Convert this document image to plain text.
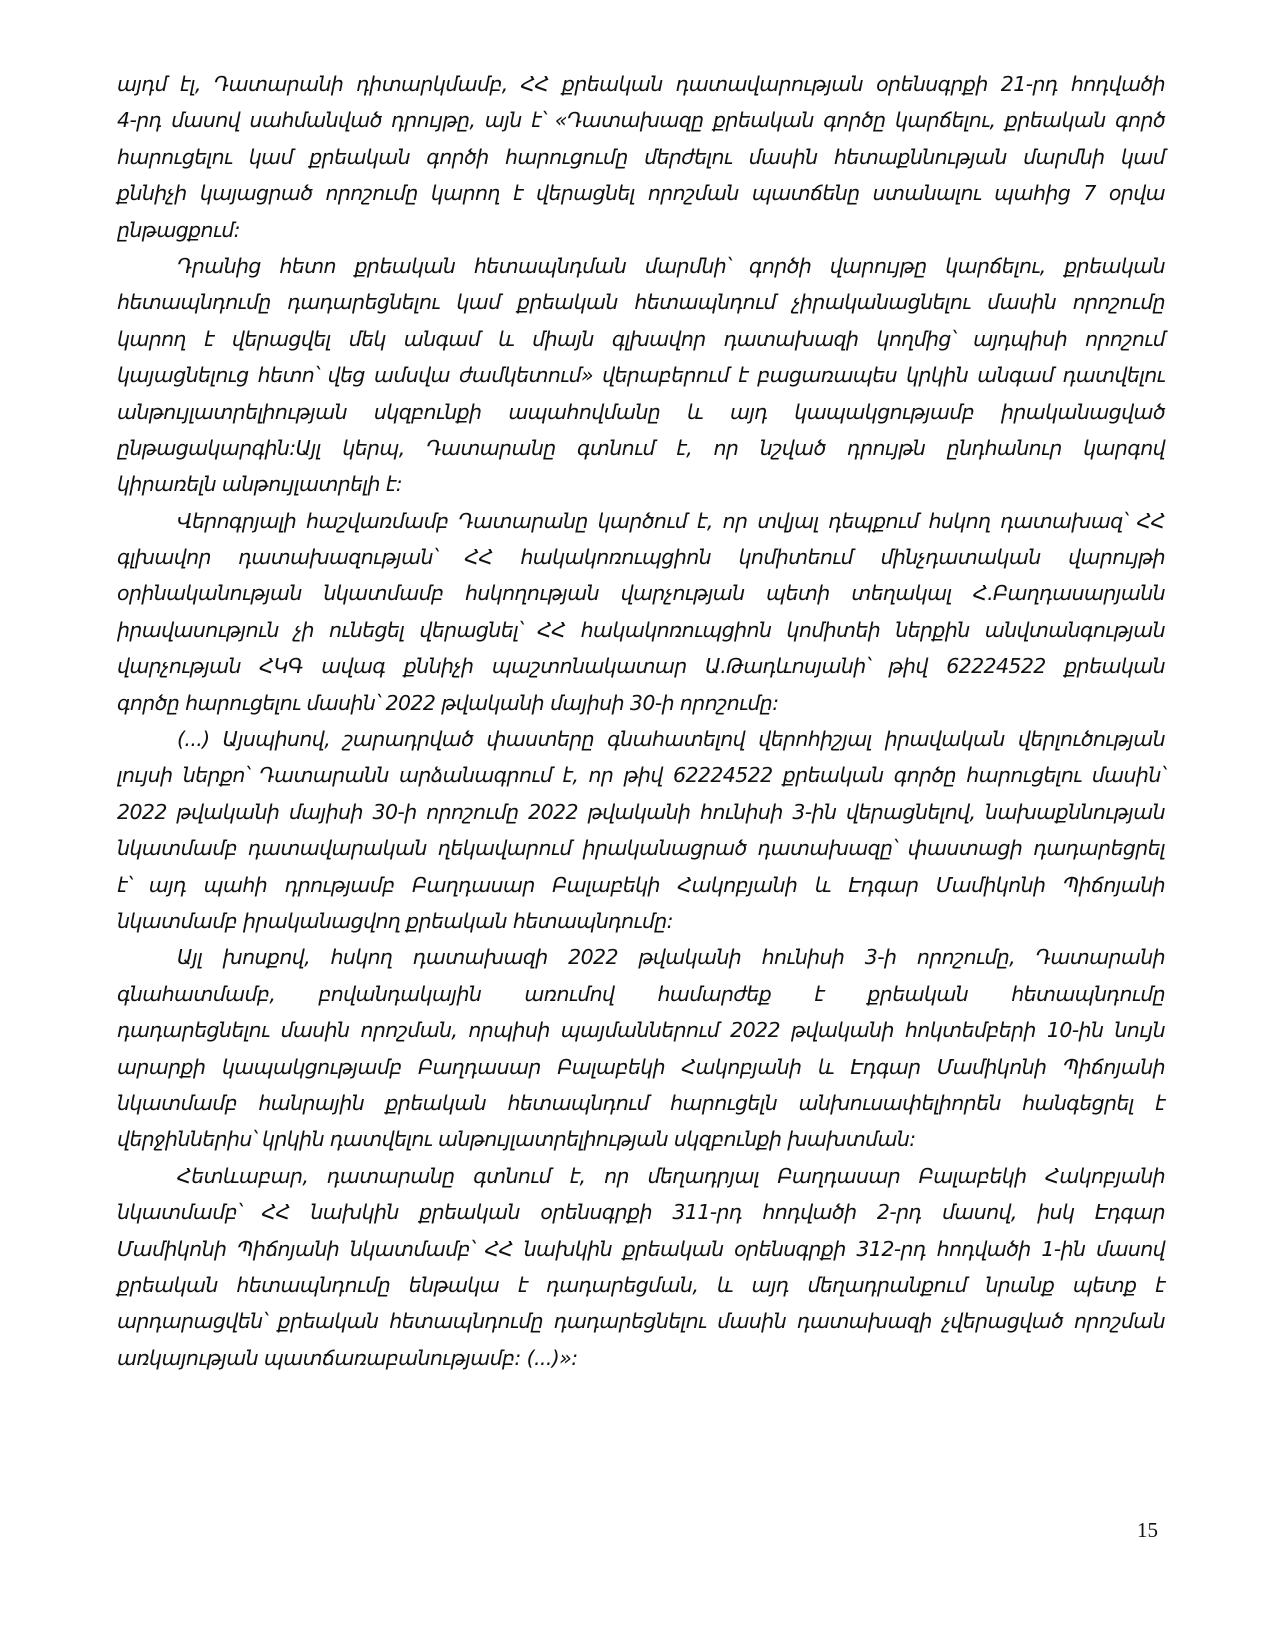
այդմ էլ, Դատարանի դիտարկմամբ, ՀՀ քրեական դատավարության օրենսգրքի 21-րդ հոդվածի
4-րդ մասով սահմանված դրույթը, այն է՝ «Դատախազը քրեական գործը կարճելու, քրեական գործ
հարուցելու կամ քրեական գործի հարուցումը մերժելու մասին հետաքննության մարմնի կամ
քննիչի կայացրած որոշումը կարող է վերացնել որոշման պատճենը ստանալու պահից 7 օրվա
ընթացքում:
Դրանից հետո քրեական հետապնդման մարմնի՝ գործի վարույթը կարճելու, քրեական
հետապնդումը դադարեցնելու կամ քրեական հետապնդում չիրականացնելու մասին որոշումը
կարող է վերացվել մեկ անգամ և միայն գլխավոր դատախազի կողմից՝ այդպիսի որոշում
կայացնելուց հետո՝ վեց ամսվա ժամկետում» վերաբերում է բացառապես կրկին անգամ դատվելու
անթույլատրելիության սկզբունքի ապահովմանը և այդ կապակցությամբ իրականացված
ընթացակարգին:Այլ կերպ, Դատարանը գտնում է, որ նշված դրույթն ընդհանուր կարգով
կիրառելն անթույլատրելի է:
Վերոգրյալի հաշվառմամբ Դատարանը կարծում է, որ տվյալ դեպքում հսկող դատախազ՝ ՀՀ
գլխավոր դատախազության՝ ՀՀ հակակոռուպցիոն կոմիտեում մինչդատական վարույթի
օրինականության նկատմամբ հսկողության վարչության պետի տեղակալ Հ.Բաղդասարյանն
իրավասություն չի ունեցել վերացնել՝ ՀՀ հակակոռուպցիոն կոմիտեի ներքին անվտանգության
վարչության ՀԿԳ ավագ քննիչի պաշտոնակատար Ա.Թադևոսյանի՝ թիվ 62224522 քրեական
գործը հարուցելու մասին՝ 2022 թվականի մայիսի 30-ի որոշումը:
(...) Այսպիսով, շարադրված փաստերը գնահատելով վերոհիշյալ իրավական վերլուծության
լույսի ներքո՝ Դատարանն արձանագրում է, որ թիվ 62224522 քրեական գործը հարուցելու մասին՝
2022 թվականի մայիսի 30-ի որոշումը 2022 թվականի հունիսի 3-ին վերացնելով, նախաքննության
նկատմամբ դատավարական ղեկավարում իրականացրած դատախազը՝ փաստացի դադարեցրել
է՝ այդ պահի դրությամբ Բաղդասար Բալաբեկի Հակոբյանի և Էդգար Մամիկոնի Պիճոյանի
նկատմամբ իրականացվող քրեական հետապնդումը:
Այլ խոսքով, հսկող դատախազի 2022 թվականի հունիսի 3-ի որոշումը, Դատարանի
գնահատմամբ, բովանդակային առումով համարժեք է քրեական հետապնդումը
դադարեցնելու մասին որոշման, որպիսի պայմաններում 2022 թվականի հոկտեմբերի 10-ին նույն
արարքի կապակցությամբ Բաղդասար Բալաբեկի Հակոբյանի և Էդգար Մամիկոնի Պիճոյանի
նկատմամբ հանրային քրեական հետապնդում հարուցելն անխուսափելիորեն հանգեցրել է
վերջիններիս՝ կրկին դատվելու անթույլատրելիության սկզբունքի խախտման:
Հետևաբար, դատարանը գտնում է, որ մեղադրյալ Բաղդասար Բալաբեկի Հակոբյանի
նկատմամբ՝ ՀՀ նախկին քրեական օրենսգրքի 311-րդ հոդվածի 2-րդ մասով, իսկ Էդգար
Մամիկոնի Պիճոյանի նկատմամբ՝ ՀՀ նախկին քրեական օրենսգրքի 312-րդ հոդվածի 1-ին մասով
քրեական հետապնդումը ենթակա է դադարեցման, և այդ մեղադրանքում նրանք պետք է
արդարացվեն՝ քրեական հետապնդումը դադարեցնելու մասին դատախազի չվերացված որոշման
առկայության պատճառաբանությամբ: (...)»:
15
